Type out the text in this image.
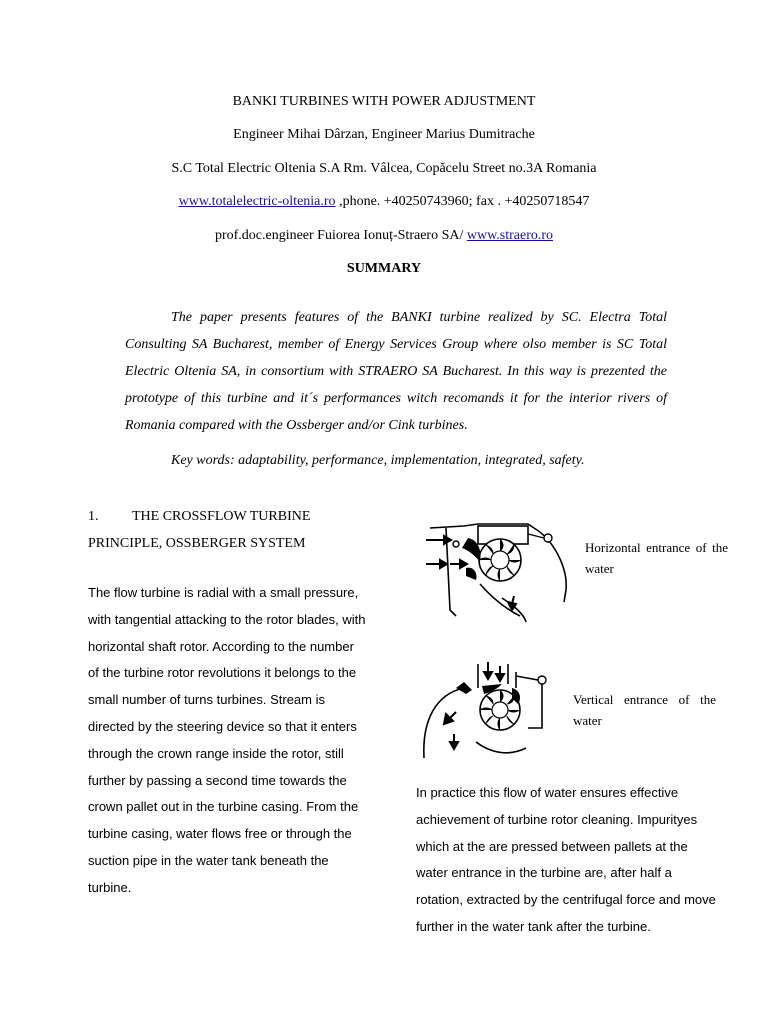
BANKI TURBINES WITH POWER ADJUSTMENT
Engineer Mihai Dârzan, Engineer Marius Dumitrache
S.C Total Electric Oltenia S.A Rm. Vâlcea, Copăcelu Street no.3A Romania
www.totalelectric-oltenia.ro ,phone. +40250743960; fax . +40250718547
prof.doc.engineer Fuiorea Ionuț-Straero SA/ www.straero.ro
SUMMARY

The paper presents features of the BANKI turbine realized by SC. Electra Total Consulting SA Bucharest, member of Energy Services Group where olso member is SC Total Electric Oltenia SA, in consortium with STRAERO SA Bucharest. In this way is prezented the prototype of this turbine and it´s performances witch recomands it for the interior rivers of Romania compared with the Ossberger and/or Cink turbines.

Key words: adaptability, performance, implementation, integrated, safety.

1. THE CROSSFLOW TURBINE PRINCIPLE, OSSBERGER SYSTEM

The flow turbine is radial with a small pressure, with tangential attacking to the rotor blades, with horizontal shaft rotor. According to the number of the turbine rotor revolutions it belongs to the small number of turns turbines. Stream is directed by the steering device so that it enters through the crown range inside the rotor, still further by passing a second time towards the crown pallet out in the turbine casing. From the turbine casing, water flows free or through the suction pipe in the water tank beneath the turbine.

Horizontal entrance of the water

Vertical entrance of the water

In practice this flow of water ensures effective achievement of turbine rotor cleaning. Impurityes which at the are pressed between pallets at the water entrance in the turbine are, after half a rotation, extracted by the centrifugal force and move further in the water tank after the turbine.
